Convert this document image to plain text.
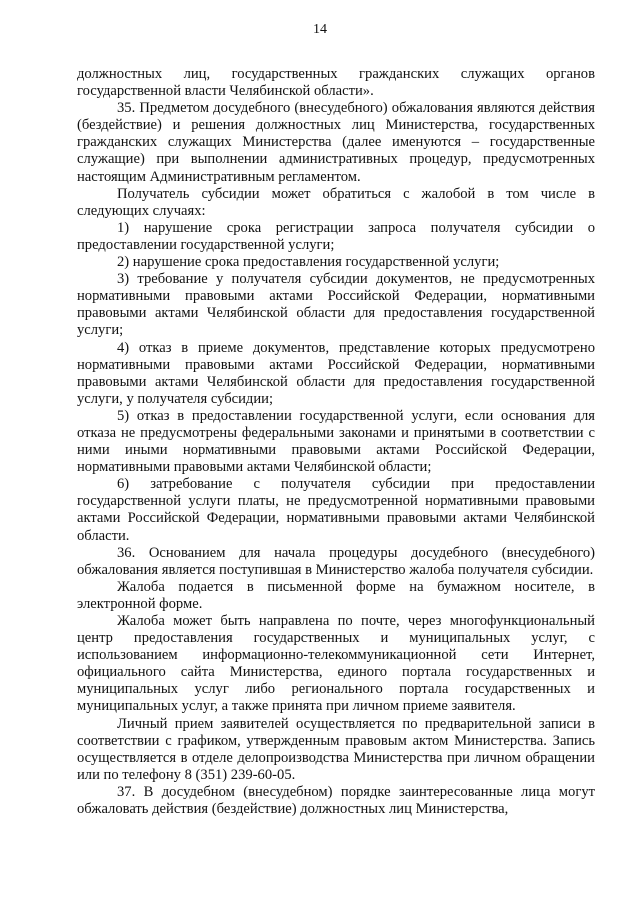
14

должностных лиц, государственных гражданских служащих органов государственной власти Челябинской области».

35. Предметом досудебного (внесудебного) обжалования являются действия (бездействие) и решения должностных лиц Министерства, государственных гражданских служащих Министерства (далее именуются – государственные служащие) при выполнении административных процедур, предусмотренных настоящим Административным регламентом.

Получатель субсидии может обратиться с жалобой в том числе в следующих случаях:

1) нарушение срока регистрации запроса получателя субсидии о предоставлении государственной услуги;

2) нарушение срока предоставления государственной услуги;

3) требование у получателя субсидии документов, не предусмотренных нормативными правовыми актами Российской Федерации, нормативными правовыми актами Челябинской области для предоставления государственной услуги;

4) отказ в приеме документов, представление которых предусмотрено нормативными правовыми актами Российской Федерации, нормативными правовыми актами Челябинской области для предоставления государственной услуги, у получателя субсидии;

5) отказ в предоставлении государственной услуги, если основания для отказа не предусмотрены федеральными законами и принятыми в соответствии с ними иными нормативными правовыми актами Российской Федерации, нормативными правовыми актами Челябинской области;

6) затребование с получателя субсидии при предоставлении государственной услуги платы, не предусмотренной нормативными правовыми актами Российской Федерации, нормативными правовыми актами Челябинской области.

36. Основанием для начала процедуры досудебного (внесудебного) обжалования является поступившая в Министерство жалоба получателя субсидии.

Жалоба подается в письменной форме на бумажном носителе, в электронной форме.

Жалоба может быть направлена по почте, через многофункциональный центр предоставления государственных и муниципальных услуг, с использованием информационно-телекоммуникационной сети Интернет, официального сайта Министерства, единого портала государственных и муниципальных услуг либо регионального портала государственных и муниципальных услуг, а также принята при личном приеме заявителя.

Личный прием заявителей осуществляется по предварительной записи в соответствии с графиком, утвержденным правовым актом Министерства. Запись осуществляется в отделе делопроизводства Министерства при личном обращении или по телефону 8 (351) 239-60-05.

37. В досудебном (внесудебном) порядке заинтересованные лица могут обжаловать действия (бездействие) должностных лиц Министерства,
